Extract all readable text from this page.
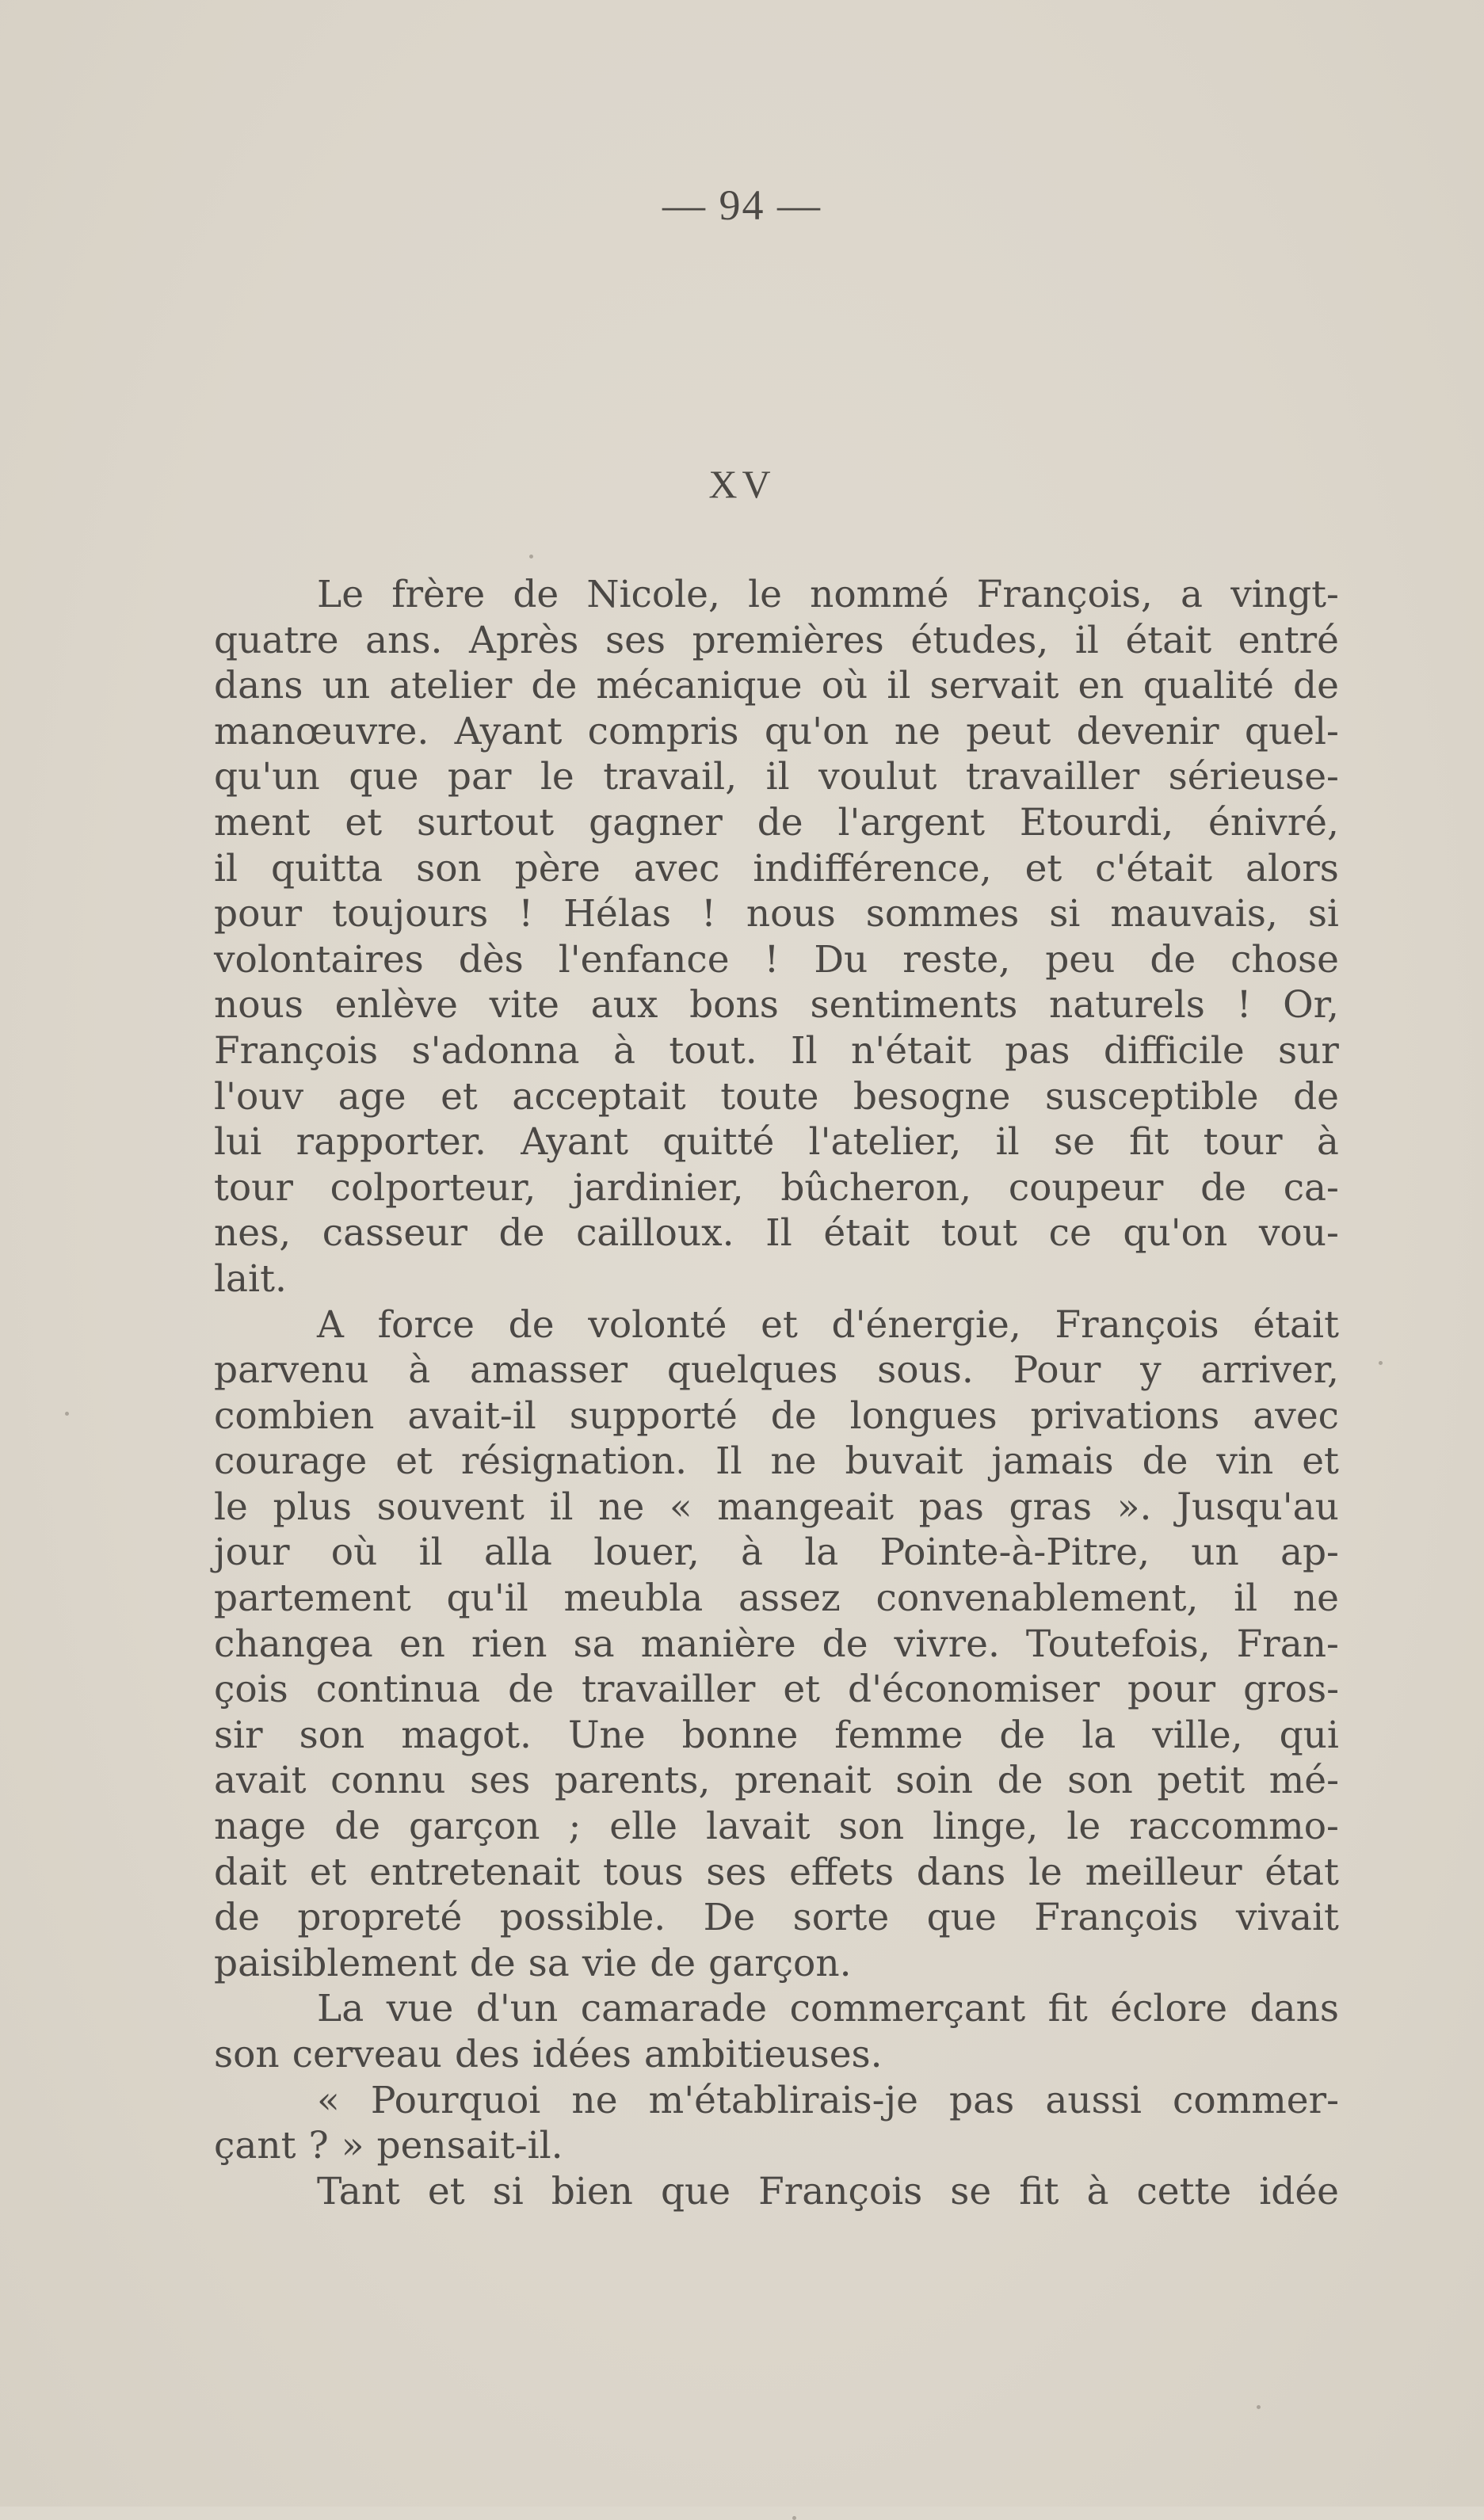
— 94 —
XV
Le frère de Nicole, le nommé François, a vingt-
quatre ans. Après ses premières études, il était entré
dans un atelier de mécanique où il servait en qualité de
manœuvre. Ayant compris qu'on ne peut devenir quel-
qu'un que par le travail, il voulut travailler sérieuse-
ment et surtout gagner de l'argent Etourdi, énivré,
il quitta son père avec indifférence, et c'était alors
pour toujours ! Hélas ! nous sommes si mauvais, si
volontaires dès l'enfance ! Du reste, peu de chose
nous enlève vite aux bons sentiments naturels ! Or,
François s'adonna à tout. Il n'était pas difficile sur
l'ouv age et acceptait toute besogne susceptible de
lui rapporter. Ayant quitté l'atelier, il se fit tour à
tour colporteur, jardinier, bûcheron, coupeur de ca-
nes, casseur de cailloux. Il était tout ce qu'on vou-
lait.
A force de volonté et d'énergie, François était
parvenu à amasser quelques sous. Pour y arriver,
combien avait-il supporté de longues privations avec
courage et résignation. Il ne buvait jamais de vin et
le plus souvent il ne « mangeait pas gras ». Jusqu'au
jour où il alla louer, à la Pointe-à-Pitre, un ap-
partement qu'il meubla assez convenablement, il ne
changea en rien sa manière de vivre. Toutefois, Fran-
çois continua de travailler et d'économiser pour gros-
sir son magot. Une bonne femme de la ville, qui
avait connu ses parents, prenait soin de son petit mé-
nage de garçon ; elle lavait son linge, le raccommo-
dait et entretenait tous ses effets dans le meilleur état
de propreté possible. De sorte que François vivait
paisiblement de sa vie de garçon.
La vue d'un camarade commerçant fit éclore dans
son cerveau des idées ambitieuses.
« Pourquoi ne m'établirais-je pas aussi commer-
çant ? » pensait-il.
Tant et si bien que François se fit à cette idée
